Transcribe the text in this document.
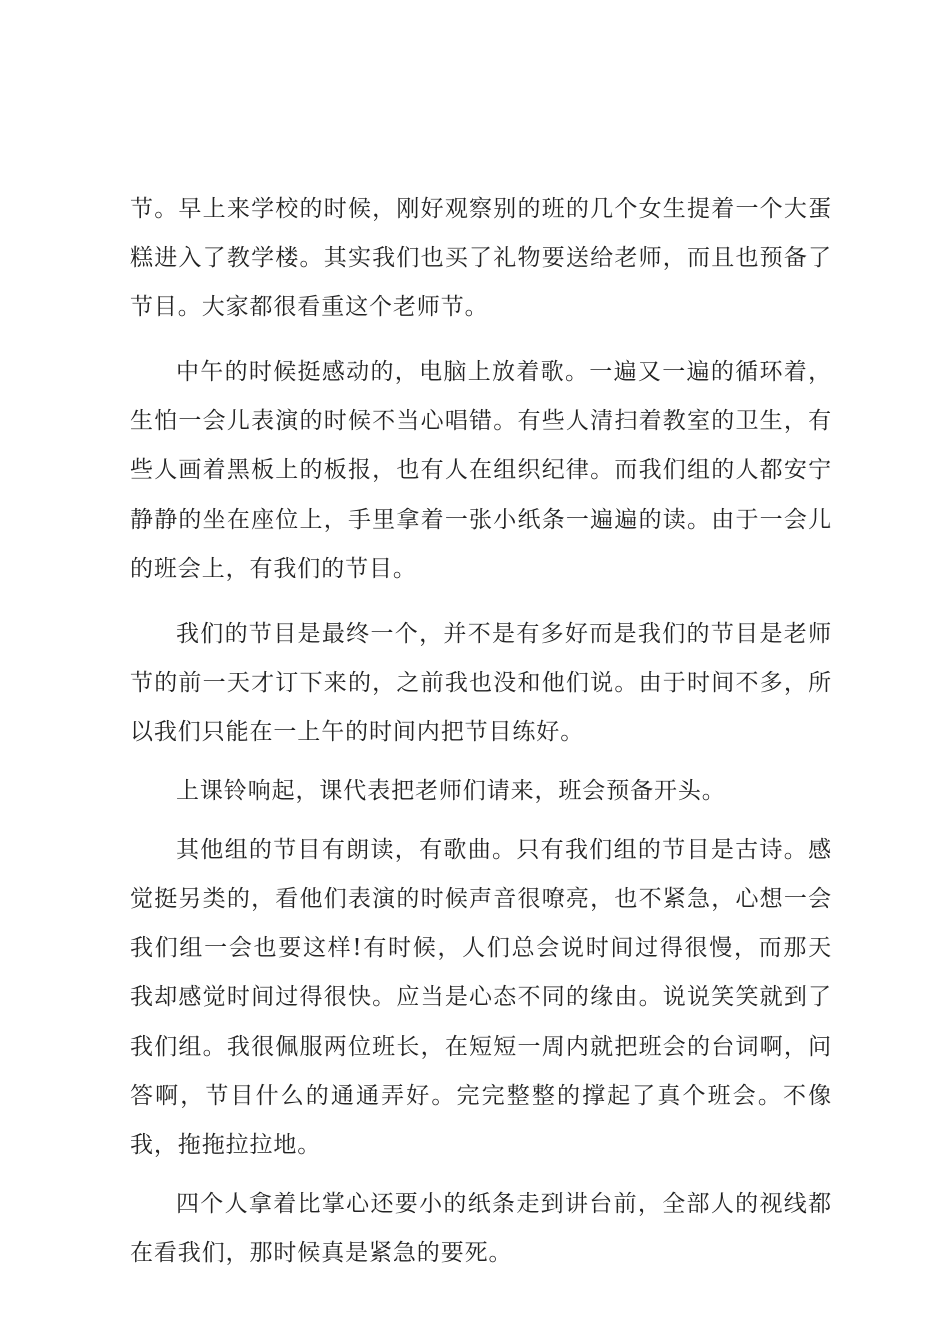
节。早上来学校的时候，刚好观察别的班的几个女生提着一个大蛋糕进入了教学楼。其实我们也买了礼物要送给老师，而且也预备了节目。大家都很看重这个老师节。

中午的时候挺感动的，电脑上放着歌。一遍又一遍的循环着，生怕一会儿表演的时候不当心唱错。有些人清扫着教室的卫生，有些人画着黑板上的板报，也有人在组织纪律。而我们组的人都安宁静静的坐在座位上，手里拿着一张小纸条一遍遍的读。由于一会儿的班会上，有我们的节目。

我们的节目是最终一个，并不是有多好而是我们的节目是老师节的前一天才订下来的，之前我也没和他们说。由于时间不多，所以我们只能在一上午的时间内把节目练好。

上课铃响起，课代表把老师们请来，班会预备开头。

其他组的节目有朗读，有歌曲。只有我们组的节目是古诗。感觉挺另类的，看他们表演的时候声音很嘹亮，也不紧急，心想一会我们组一会也要这样!有时候，人们总会说时间过得很慢，而那天我却感觉时间过得很快。应当是心态不同的缘由。说说笑笑就到了我们组。我很佩服两位班长，在短短一周内就把班会的台词啊，问答啊，节目什么的通通弄好。完完整整的撑起了真个班会。不像我，拖拖拉拉地。

四个人拿着比掌心还要小的纸条走到讲台前，全部人的视线都在看我们，那时候真是紧急的要死。
